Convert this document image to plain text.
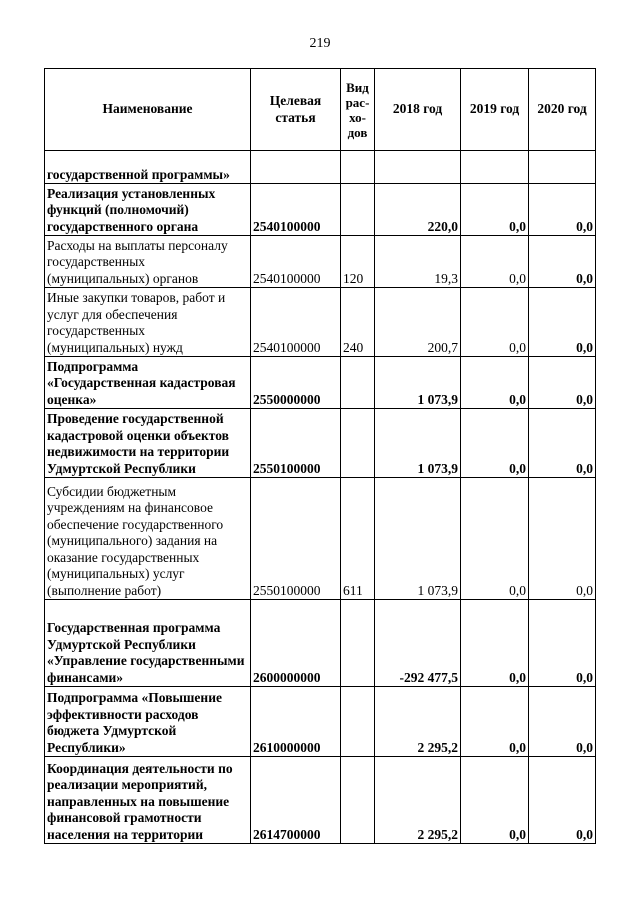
219
Наименование	Целевая статья	Вид рас-хо-дов	2018 год	2019 год	2020 год
государственной программы»					
Реализация установленных функций (полномочий) государственного органа	2540100000		220,0	0,0	0,0
Расходы на выплаты персоналу государственных (муниципальных) органов	2540100000	120	19,3	0,0	0,0
Иные закупки товаров, работ и услуг для обеспечения государственных (муниципальных) нужд	2540100000	240	200,7	0,0	0,0
Подпрограмма «Государственная кадастровая оценка»	2550000000		1 073,9	0,0	0,0
Проведение государственной кадастровой оценки объектов недвижимости на территории Удмуртской Республики	2550100000		1 073,9	0,0	0,0
Субсидии бюджетным учреждениям на финансовое обеспечение государственного (муниципального) задания на оказание государственных (муниципальных) услуг (выполнение работ)	2550100000	611	1 073,9	0,0	0,0
Государственная программа Удмуртской Республики «Управление государственными финансами»	2600000000		-292 477,5	0,0	0,0
Подпрограмма «Повышение эффективности расходов бюджета Удмуртской Республики»	2610000000		2 295,2	0,0	0,0
Координация деятельности по реализации мероприятий, направленных на повышение финансовой грамотности населения на территории	2614700000		2 295,2	0,0	0,0
